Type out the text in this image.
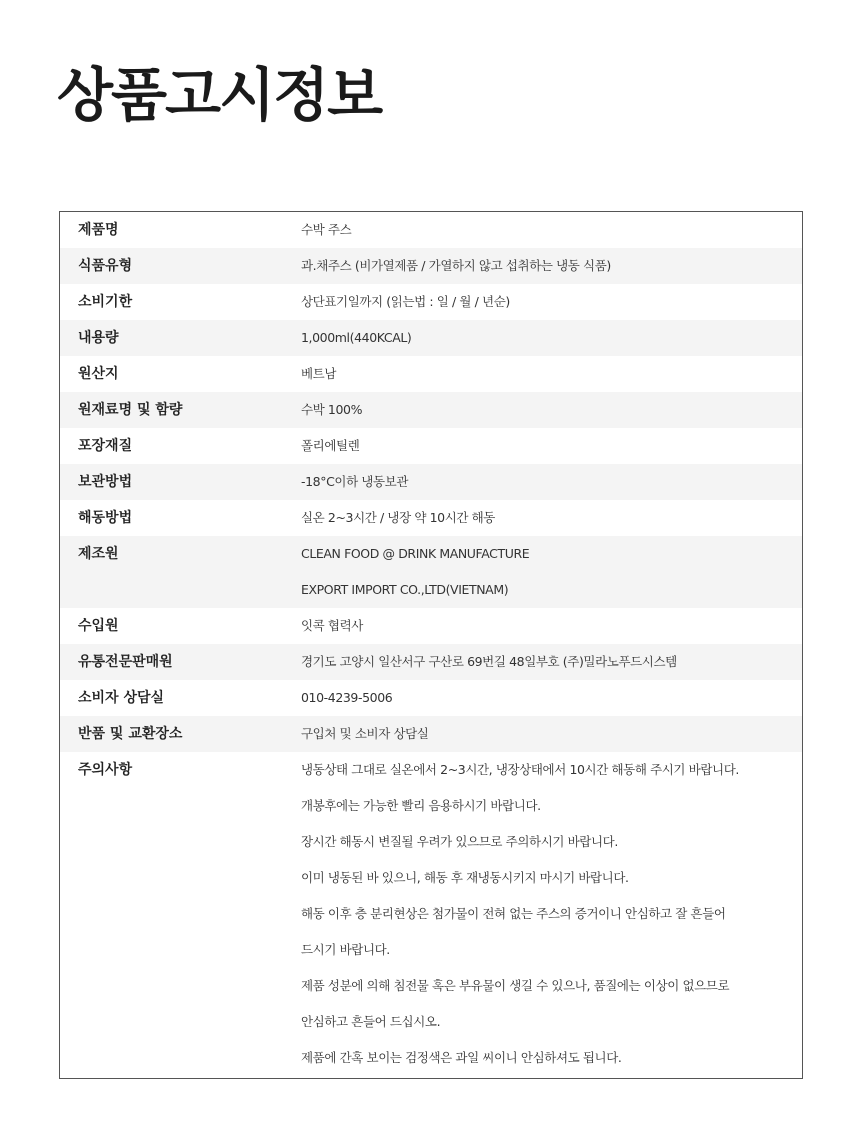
상품고시정보
제품명	수박 주스
식품유형	과.채주스 (비가열제품 / 가열하지 않고 섭취하는 냉동 식품)
소비기한	상단표기일까지 (읽는법 : 일 / 월 / 년순)
내용량	1,000ml(440KCAL)
원산지	베트남
원재료명 및 함량	수박 100%
포장재질	폴리에틸렌
보관방법	-18°C이하 냉동보관
해동방법	실온 2~3시간 / 냉장 약 10시간 해동
제조원	CLEAN FOOD @ DRINK MANUFACTURE
EXPORT IMPORT CO.,LTD(VIETNAM)
수입원	잇콕 협력사
유통전문판매원	경기도 고양시 일산서구 구산로 69번길 48일부호 (주)밀라노푸드시스템
소비자 상담실	010-4239-5006
반품 및 교환장소	구입처 및 소비자 상담실
주의사항	냉동상태 그대로 실온에서 2~3시간, 냉장상태에서 10시간 해동해 주시기 바랍니다.
개봉후에는 가능한 빨리 음용하시기 바랍니다.
장시간 해동시 변질될 우려가 있으므로 주의하시기 바랍니다.
이미 냉동된 바 있으니, 해동 후 재냉동시키지 마시기 바랍니다.
해동 이후 층 분리현상은 첨가물이 전혀 없는 주스의 증거이니 안심하고 잘 흔들어
드시기 바랍니다.
제품 성분에 의해 침전물 혹은 부유물이 생길 수 있으나, 품질에는 이상이 없으므로
안심하고 흔들어 드십시오.
제품에 간혹 보이는 검정색은 과일 씨이니 안심하셔도 됩니다.
